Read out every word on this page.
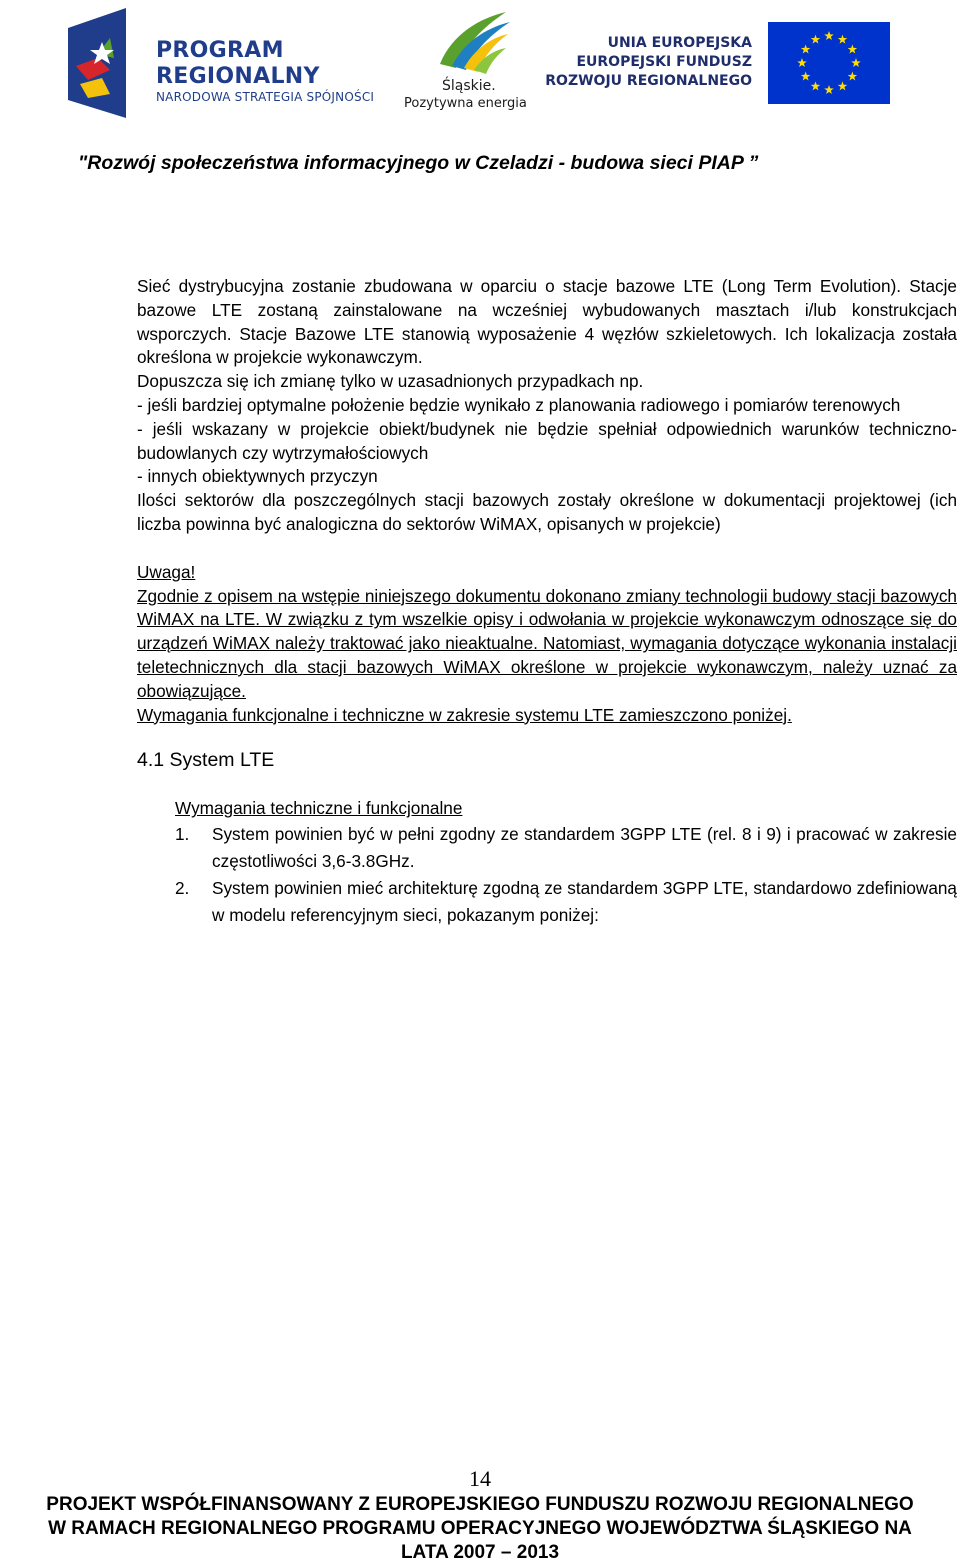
PROGRAM
REGIONALNY
NARODOWA STRATEGIA SPÓJNOŚCI
Śląskie.
Pozytywna energia
UNIA EUROPEJSKA
EUROPEJSKI FUNDUSZ
ROZWOJU REGIONALNEGO
"Rozwój społeczeństwa informacyjnego w Czeladzi - budowa sieci PIAP ”

Sieć dystrybucyjna zostanie zbudowana w oparciu o stacje bazowe LTE (Long Term Evolution). Stacje bazowe LTE zostaną zainstalowane na wcześniej wybudowanych masztach i/lub konstrukcjach wsporczych. Stacje Bazowe LTE stanowią wyposażenie 4 węzłów szkieletowych. Ich lokalizacja została określona w projekcie wykonawczym.

Dopuszcza się ich zmianę tylko w uzasadnionych przypadkach np.

- jeśli bardziej optymalne położenie będzie wynikało z planowania radiowego i pomiarów terenowych

- jeśli wskazany w projekcie obiekt/budynek nie będzie spełniał odpowiednich warunków techniczno-budowlanych czy wytrzymałościowych

- innych obiektywnych przyczyn

Ilości sektorów dla poszczególnych stacji bazowych zostały określone w dokumentacji projektowej (ich liczba powinna być analogiczna do sektorów WiMAX, opisanych w projekcie)

Uwaga!

Zgodnie z opisem na wstępie niniejszego dokumentu dokonano zmiany technologii budowy stacji bazowych WiMAX na LTE. W związku z tym wszelkie opisy i odwołania w projekcie wykonawczym odnoszące się do urządzeń WiMAX należy traktować jako nieaktualne. Natomiast, wymagania dotyczące wykonania instalacji teletechnicznych dla stacji bazowych WiMAX określone w projekcie wykonawczym, należy uznać za obowiązujące.

Wymagania funkcjonalne i techniczne w zakresie systemu LTE zamieszczono poniżej.

4.1 System LTE

Wymagania techniczne i funkcjonalne

1. System powinien być w pełni zgodny ze standardem 3GPP LTE (rel. 8 i 9) i pracować w zakresie częstotliwości 3,6-3.8GHz.
2. System powinien mieć architekturę zgodną ze standardem 3GPP LTE, standardowo zdefiniowaną w modelu referencyjnym sieci, pokazanym poniżej:
14
PROJEKT WSPÓŁFINANSOWANY Z EUROPEJSKIEGO FUNDUSZU ROZWOJU REGIONALNEGO
W RAMACH REGIONALNEGO PROGRAMU OPERACYJNEGO WOJEWÓDZTWA ŚLĄSKIEGO NA
LATA 2007 – 2013
